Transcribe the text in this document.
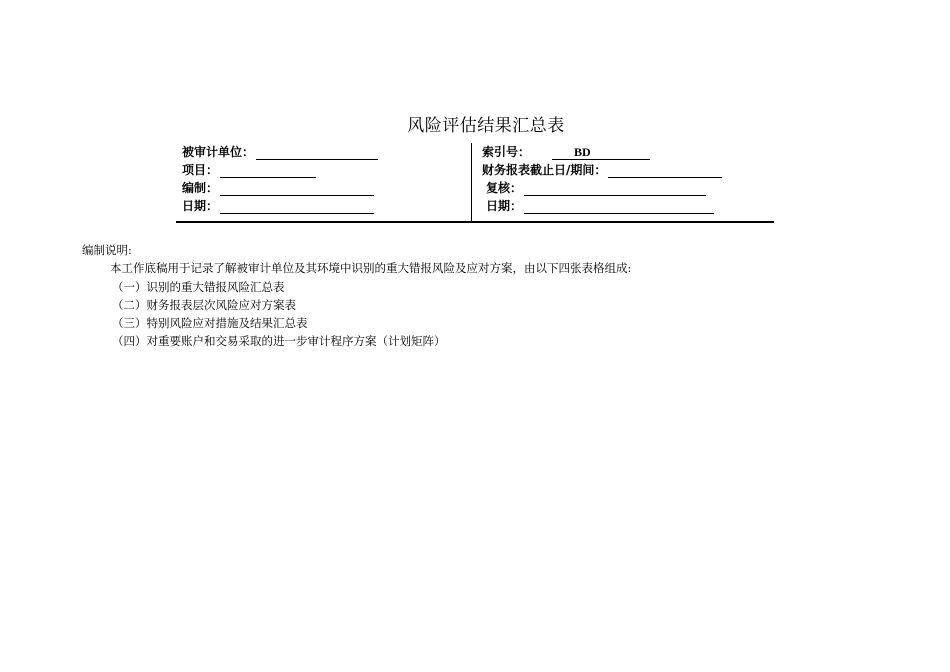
风险评估结果汇总表
被审计单位：
项目：
编制：
日期：
索引号：	BD
财务报表截止日/期间：
复核：
日期：
编制说明:
本工作底稿用于记录了解被审计单位及其环境中识别的重大错报风险及应对方案，由以下四张表格组成:
（一）识别的重大错报风险汇总表
（二）财务报表层次风险应对方案表
（三）特别风险应对措施及结果汇总表
（四）对重要账户和交易采取的进一步审计程序方案（计划矩阵）
